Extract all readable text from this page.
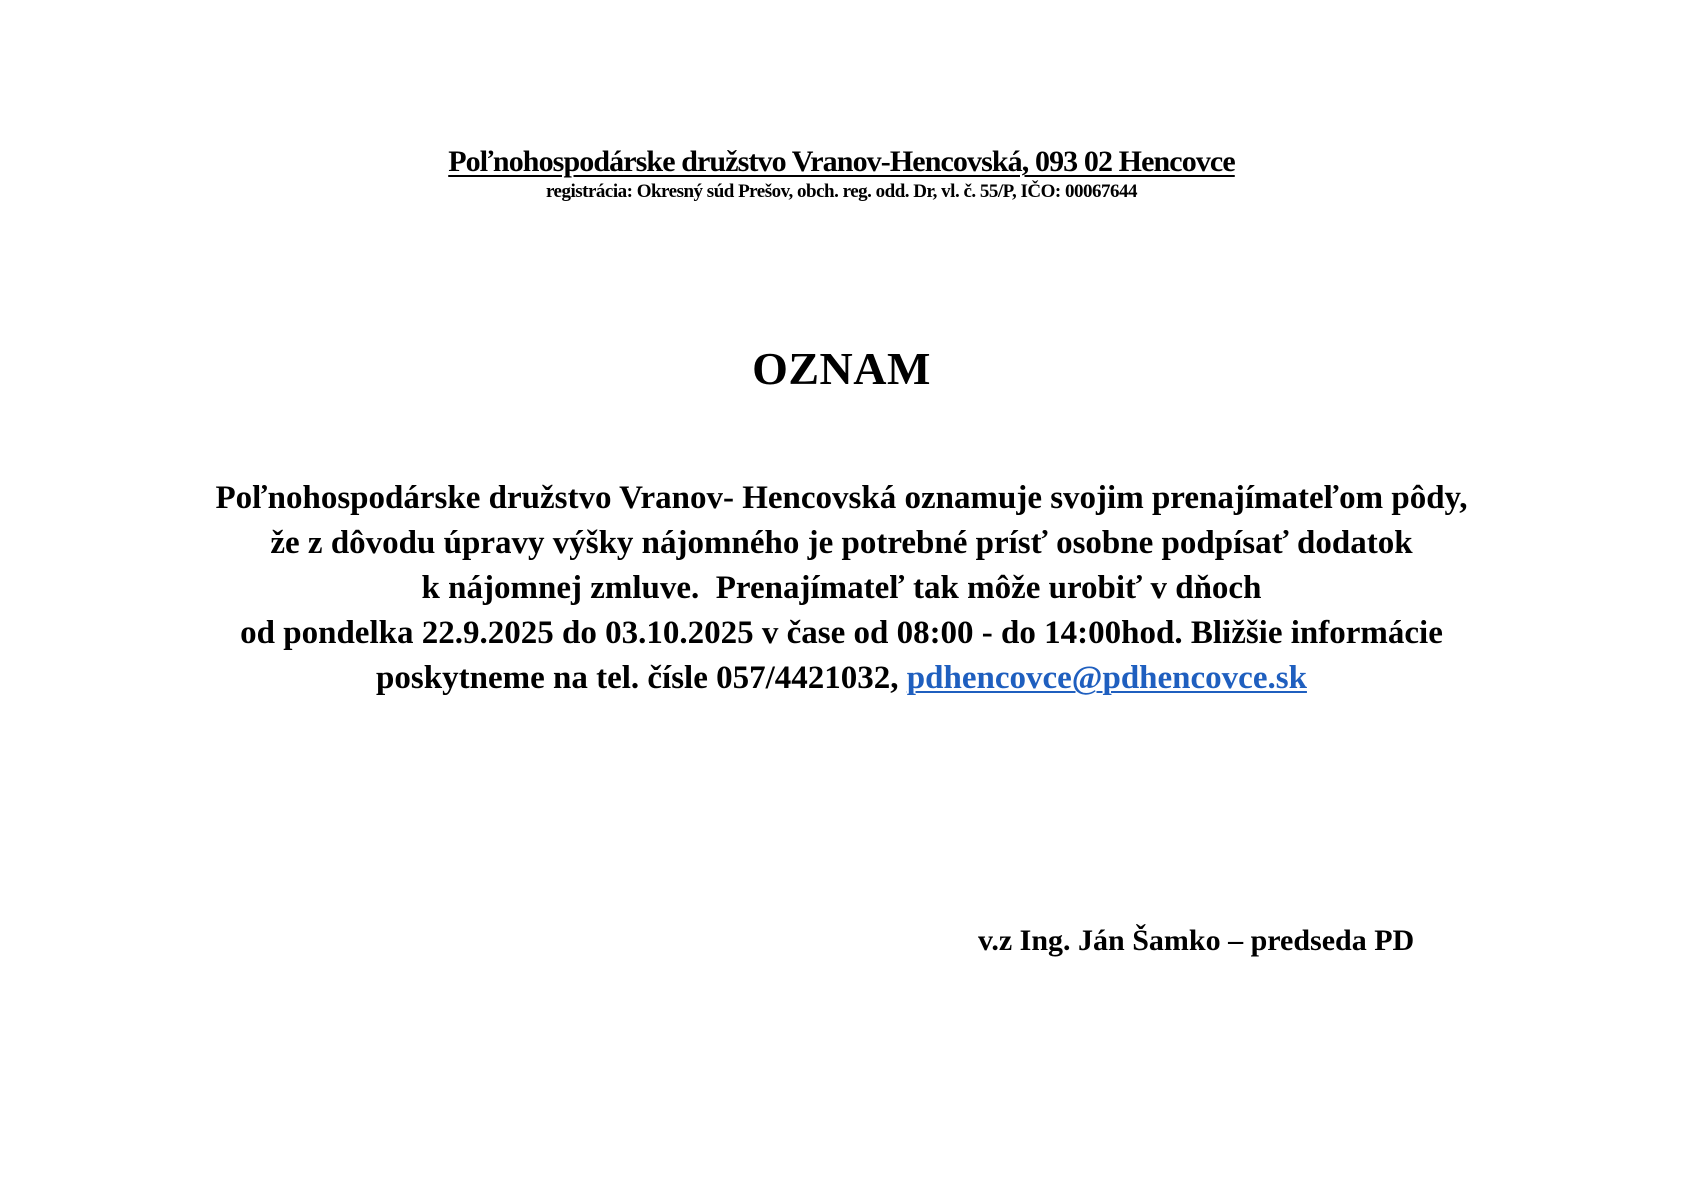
Poľnohospodárske družstvo Vranov-Hencovská, 093 02 Hencovce
registrácia: Okresný súd Prešov, obch. reg. odd. Dr, vl. č. 55/P, IČO: 00067644
OZNAM
Poľnohospodárske družstvo Vranov- Hencovská oznamuje svojim prenajímateľom pôdy,
že z dôvodu úpravy výšky nájomného je potrebné prísť osobne podpísať dodatok
k nájomnej zmluve.  Prenajímateľ tak môže urobiť v dňoch
od pondelka 22.9.2025 do 03.10.2025 v čase od 08:00 - do 14:00hod. Bližšie informácie
poskytneme na tel. čísle 057/4421032, pdhencovce@pdhencovce.sk
v.z Ing. Ján Šamko – predseda PD
